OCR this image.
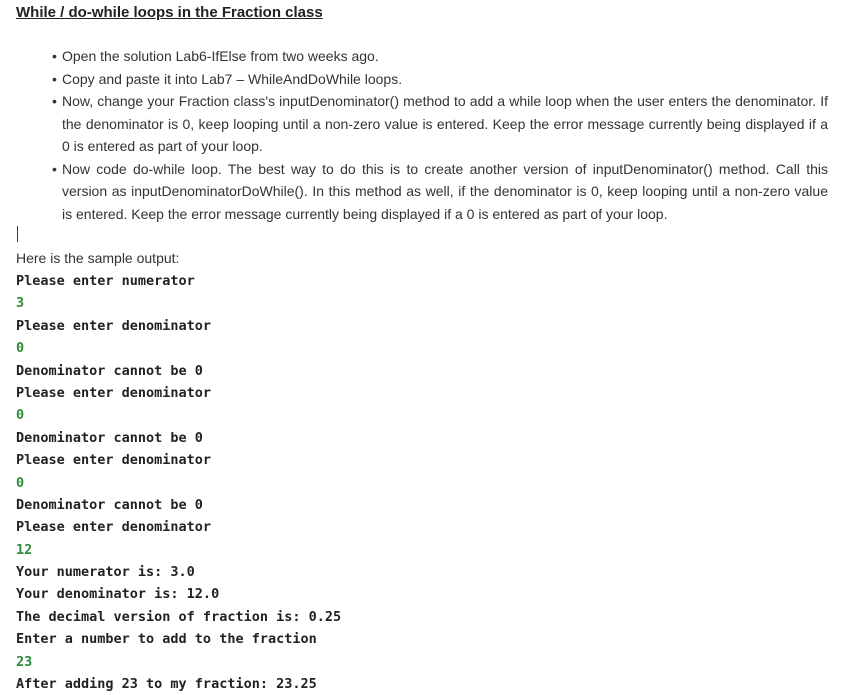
While / do-while loops in the Fraction class
• Open the solution Lab6-IfElse from two weeks ago.
• Copy and paste it into Lab7 – WhileAndDoWhile loops.
• Now, change your Fraction class's inputDenominator() method to add a while loop when the user enters the denominator. If the denominator is 0, keep looping until a non-zero value is entered. Keep the error message currently being displayed if a 0 is entered as part of your loop.
• Now code do-while loop. The best way to do this is to create another version of inputDenominator() method. Call this version as inputDenominatorDoWhile(). In this method as well, if the denominator is 0, keep looping until a non-zero value is entered. Keep the error message currently being displayed if a 0 is entered as part of your loop.
Here is the sample output:
Please enter numerator
3
Please enter denominator
0
Denominator cannot be 0
Please enter denominator
0
Denominator cannot be 0
Please enter denominator
0
Denominator cannot be 0
Please enter denominator
12
Your numerator is: 3.0
Your denominator is: 12.0
The decimal version of fraction is: 0.25
Enter a number to add to the fraction
23
After adding 23 to my fraction: 23.25
